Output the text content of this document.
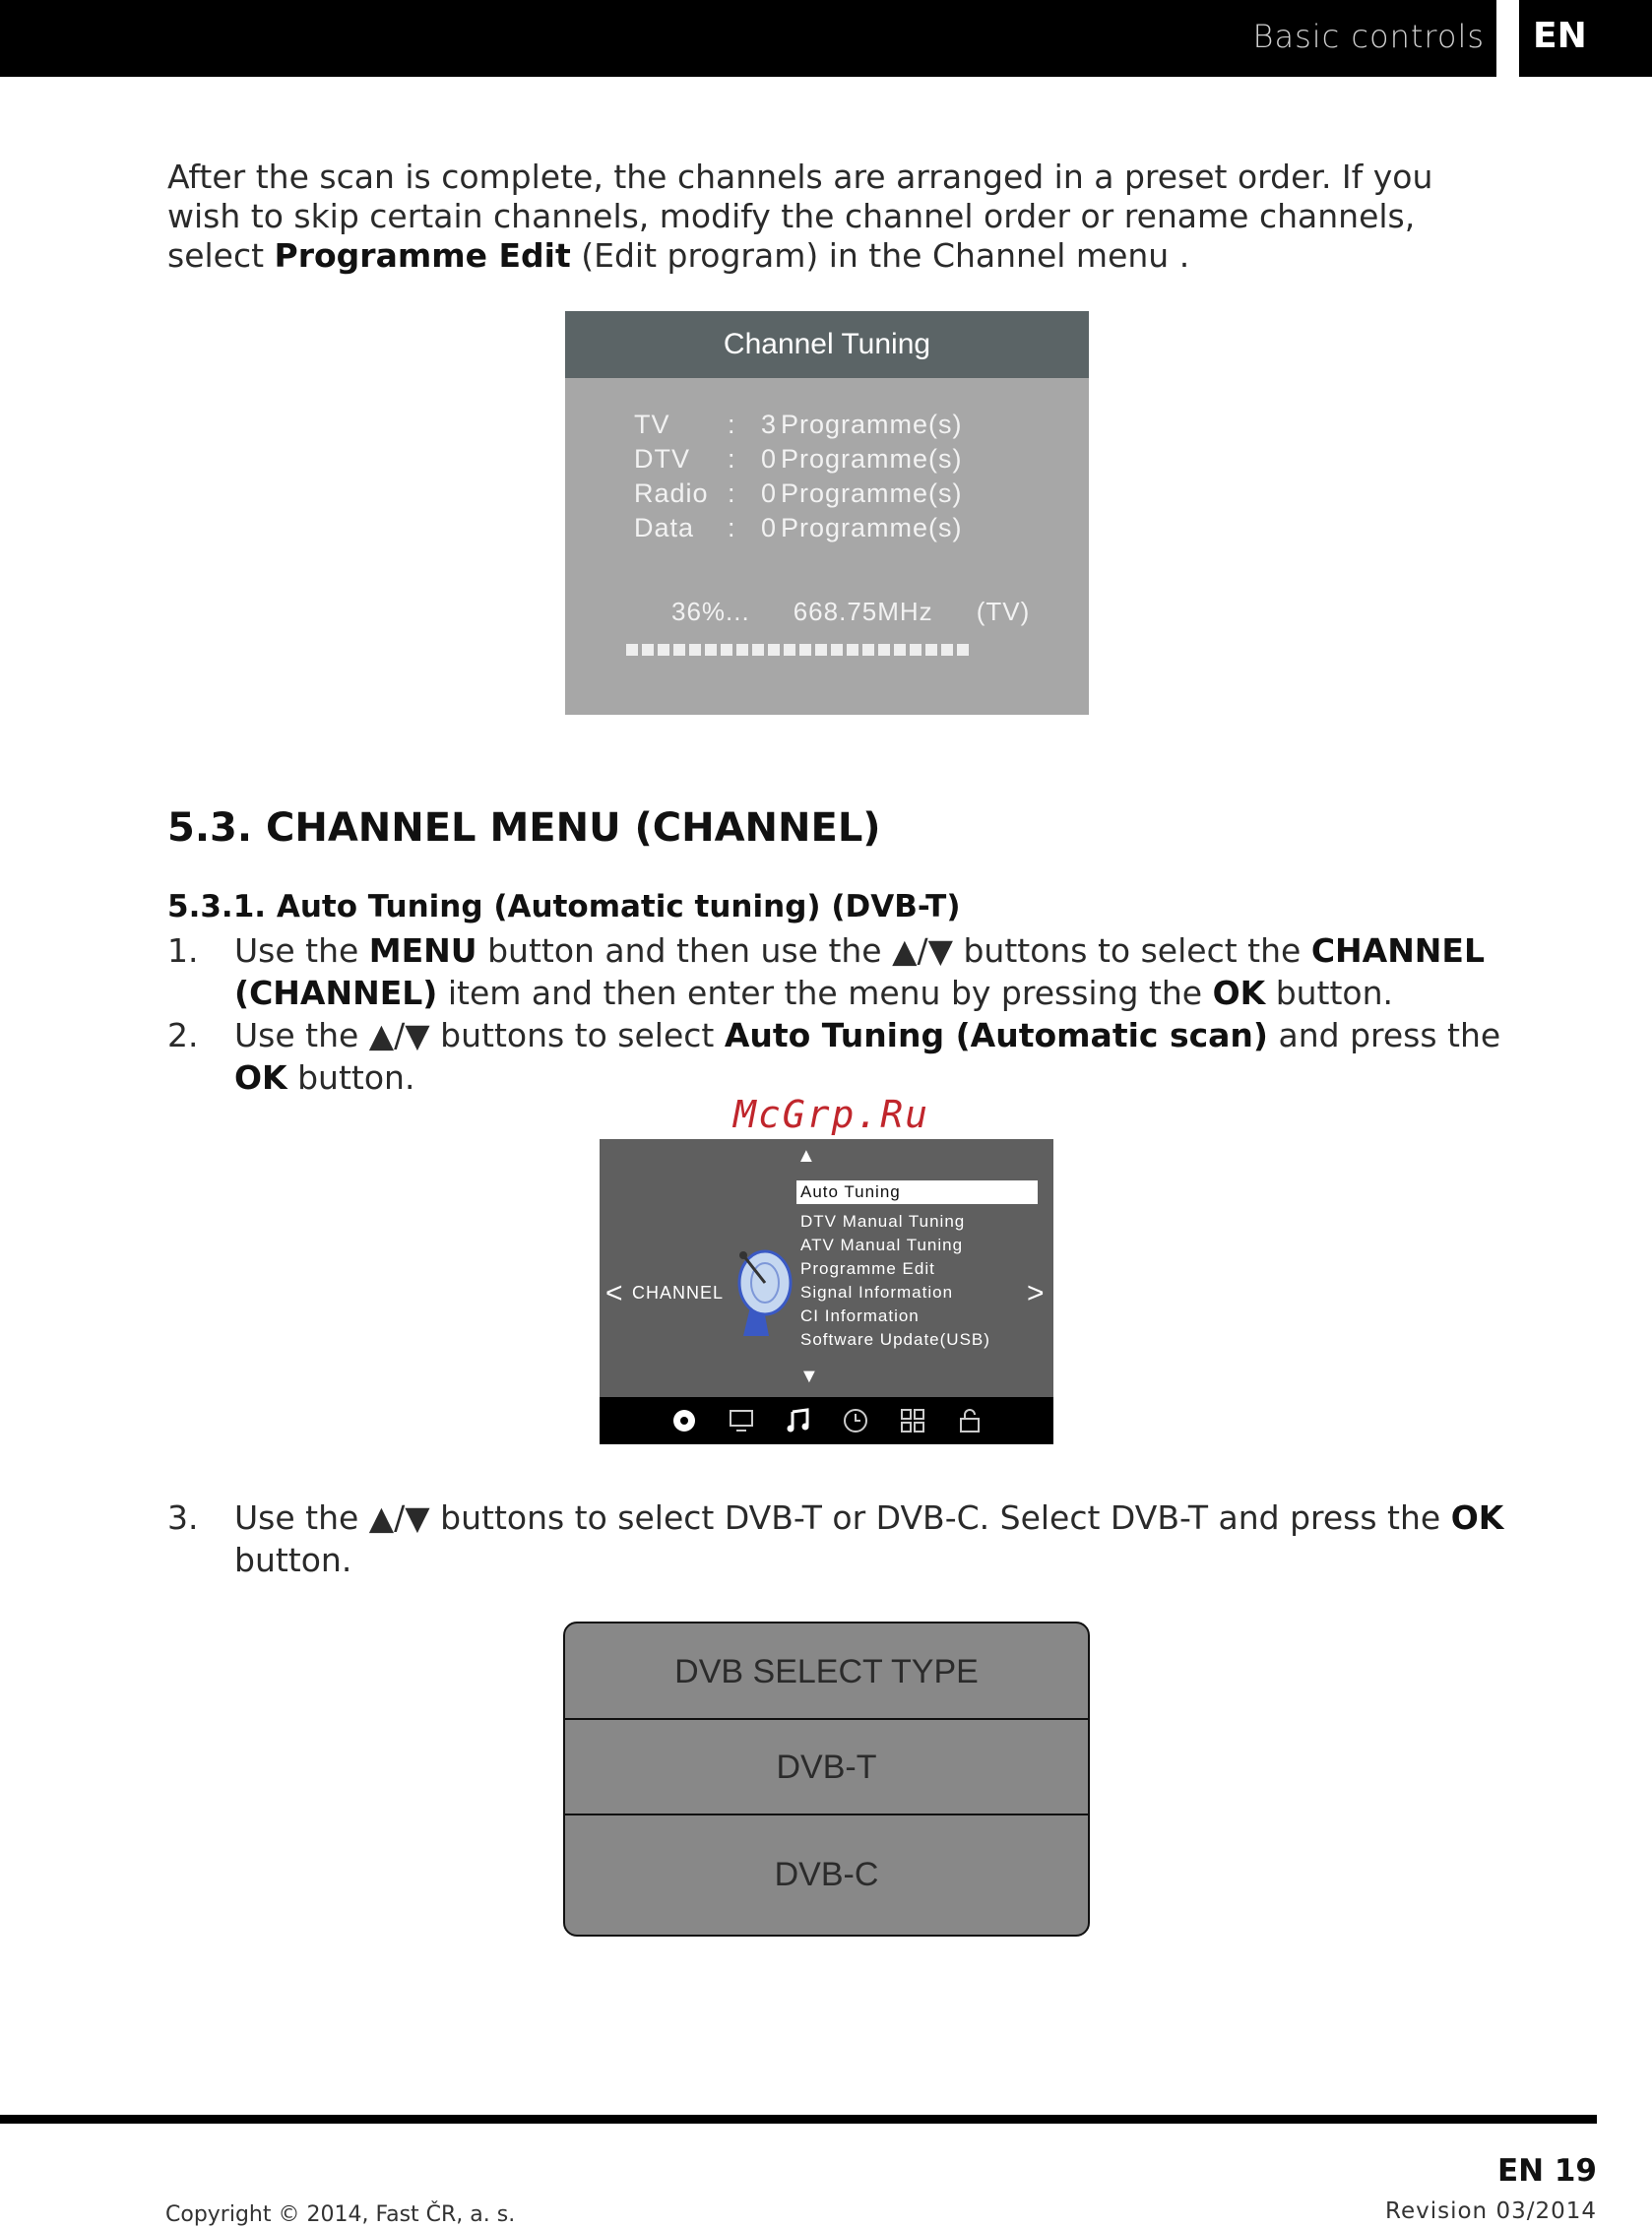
Basic controls	EN

After the scan is complete, the channels are arranged in a preset order. If you wish to skip certain channels, modify the channel order or rename channels, select Programme Edit (Edit program) in the Channel menu .

Channel Tuning
TV	: 3 Programme(s)
DTV	: 0 Programme(s)
Radio : 0 Programme(s)
Data	: 0 Programme(s)
36%... 668.75MHz (TV)
5.3. CHANNEL MENU (CHANNEL)
5.3.1. Auto Tuning (Automatic tuning) (DVB-T)
1.	Use the MENU button and then use the ▲/▼ buttons to select the CHANNEL (CHANNEL) item and then enter the menu by pressing the OK button.

2.	Use the ▲/▼ buttons to select Auto Tuning (Automatic scan) and press the OK button.

McGrp.Ru
▲
< CHANNEL
Auto Tuning
DTV Manual Tuning
ATV Manual Tuning
Programme Edit
Signal Information
CI Information
Software Update(USB)
>
▼
3.	Use the ▲/▼ buttons to select DVB-T or DVB-C. Select DVB-T and press the OK button.

DVB SELECT TYPE
DVB-T
DVB-C
EN 19
Revision 03/2014
Copyright © 2014, Fast ČR, a. s.
